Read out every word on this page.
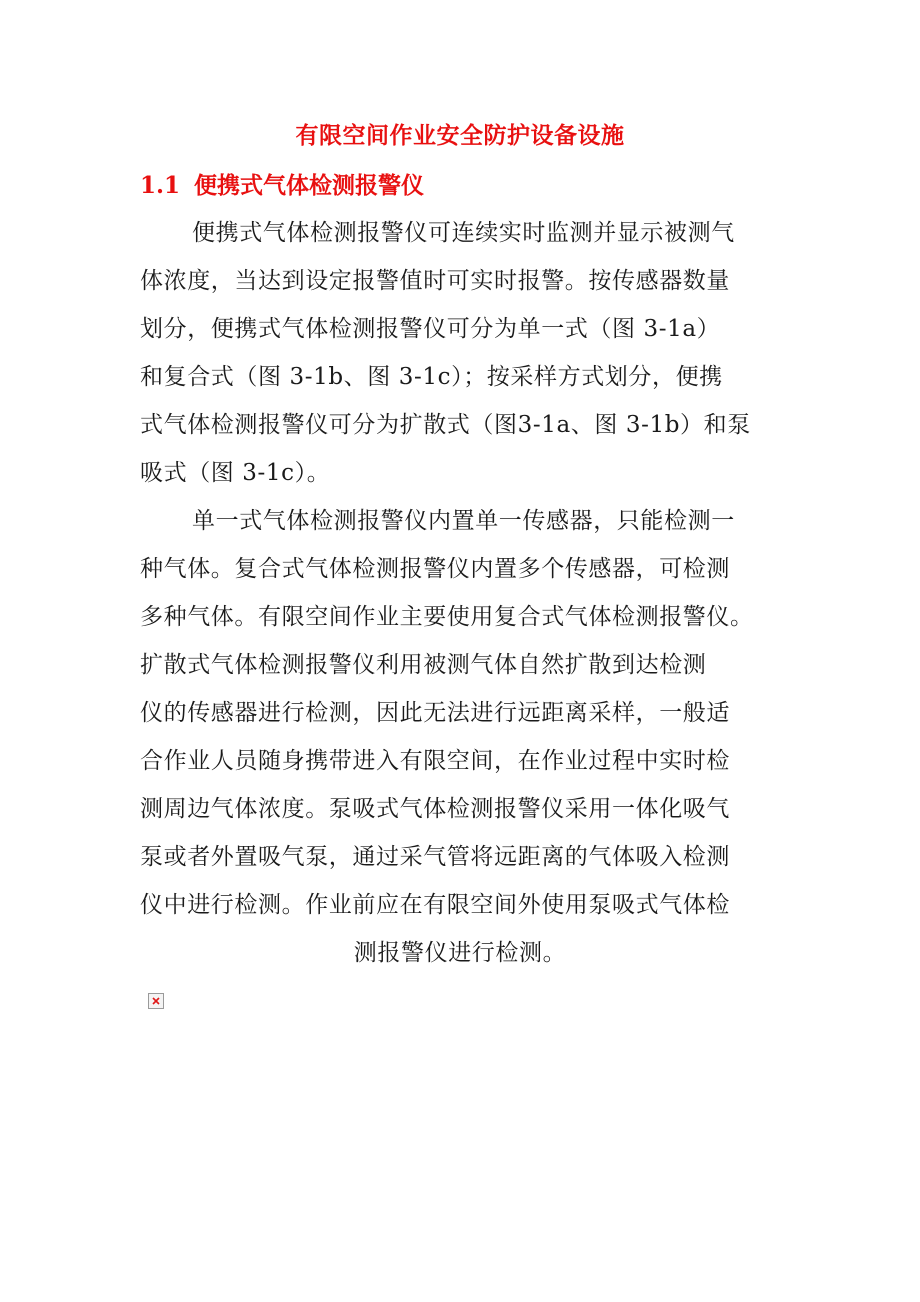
有限空间作业安全防护设备设施
1.1 便携式气体检测报警仪
便携式气体检测报警仪可连续实时监测并显示被测气
体浓度，当达到设定报警值时可实时报警。按传感器数量
划分，便携式气体检测报警仪可分为单一式（图 3-1a）
和复合式（图 3-1b、图 3-1c）；按采样方式划分，便携
式气体检测报警仪可分为扩散式（图3-1a、图 3-1b）和泵
吸式（图 3-1c）。
单一式气体检测报警仪内置单一传感器，只能检测一
种气体。复合式气体检测报警仪内置多个传感器，可检测
多种气体。有限空间作业主要使用复合式气体检测报警仪。
扩散式气体检测报警仪利用被测气体自然扩散到达检测
仪的传感器进行检测，因此无法进行远距离采样，一般适
合作业人员随身携带进入有限空间，在作业过程中实时检
测周边气体浓度。泵吸式气体检测报警仪采用一体化吸气
泵或者外置吸气泵，通过采气管将远距离的气体吸入检测
仪中进行检测。作业前应在有限空间外使用泵吸式气体检
测报警仪进行检测。
